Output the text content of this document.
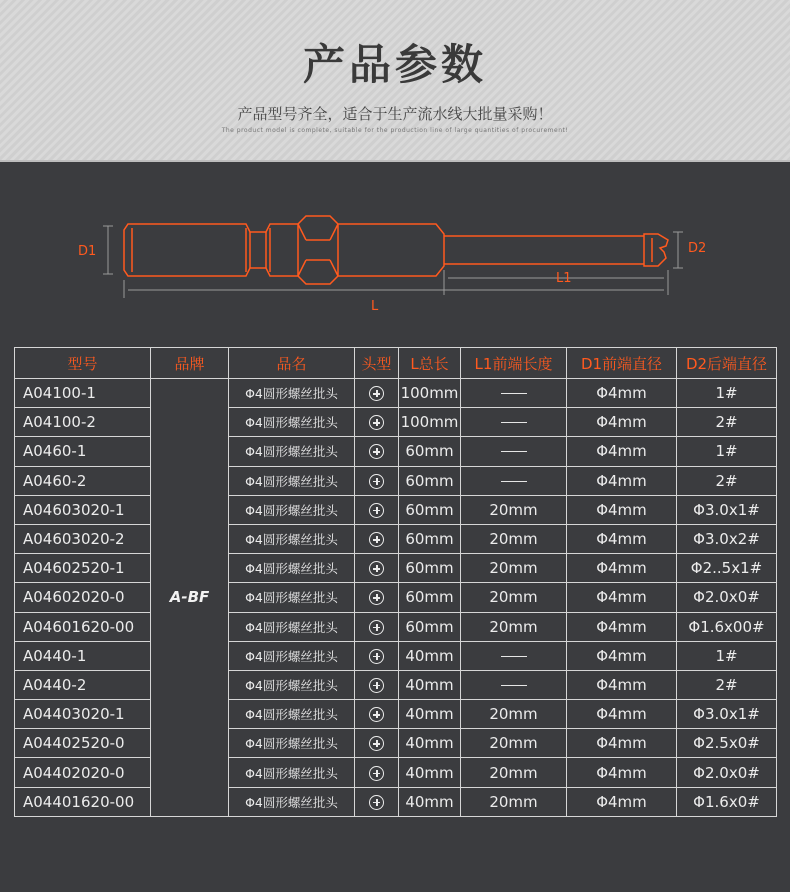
产品参数
产品型号齐全，适合于生产流水线大批量采购！
The product model is complete, suitable for the production line of large quantities of procurement!
D1	D2
L1
L
型号	品牌	品名	头型	L总长	L1前端长度	D1前端直径	D2后端直径
A04100-1	A-BF	Φ4圆形螺丝批头		100mm		Φ4mm	1#
A04100-2		Φ4圆形螺丝批头		100mm		Φ4mm	2#
A0460-1		Φ4圆形螺丝批头		60mm		Φ4mm	1#
A0460-2		Φ4圆形螺丝批头		60mm		Φ4mm	2#
A04603020-1		Φ4圆形螺丝批头		60mm	20mm	Φ4mm	Φ3.0x1#
A04603020-2		Φ4圆形螺丝批头		60mm	20mm	Φ4mm	Φ3.0x2#
A04602520-1		Φ4圆形螺丝批头		60mm	20mm	Φ4mm	Φ2..5x1#
A04602020-0		Φ4圆形螺丝批头		60mm	20mm	Φ4mm	Φ2.0x0#
A04601620-00		Φ4圆形螺丝批头		60mm	20mm	Φ4mm	Φ1.6x00#
A0440-1		Φ4圆形螺丝批头		40mm		Φ4mm	1#
A0440-2		Φ4圆形螺丝批头		40mm		Φ4mm	2#
A04403020-1		Φ4圆形螺丝批头		40mm	20mm	Φ4mm	Φ3.0x1#
A04402520-0		Φ4圆形螺丝批头		40mm	20mm	Φ4mm	Φ2.5x0#
A04402020-0		Φ4圆形螺丝批头		40mm	20mm	Φ4mm	Φ2.0x0#
A04401620-00		Φ4圆形螺丝批头		40mm	20mm	Φ4mm	Φ1.6x0#
